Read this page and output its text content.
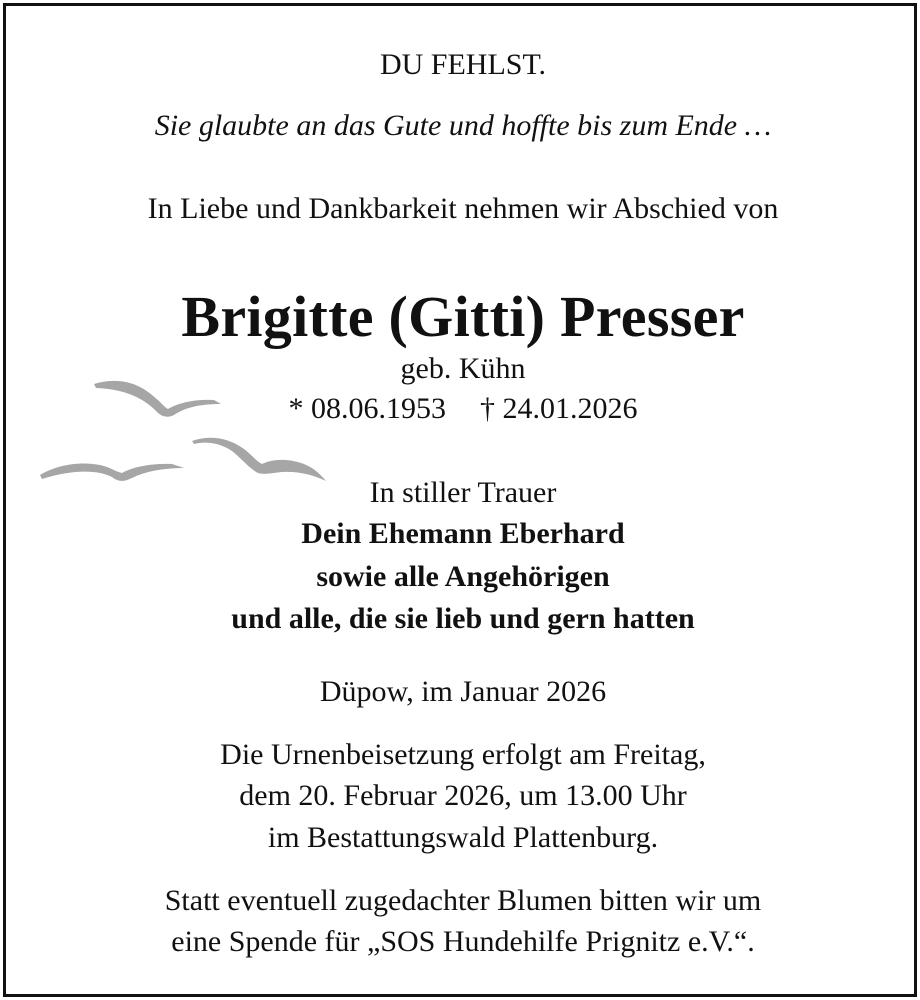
DU FEHLST.
Sie glaubte an das Gute und hoffte bis zum Ende …
In Liebe und Dankbarkeit nehmen wir Abschied von
Brigitte (Gitti) Presser
geb. Kühn
* 08.06.1953 † 24.01.2026
In stiller Trauer
Dein Ehemann Eberhard
sowie alle Angehörigen
und alle, die sie lieb und gern hatten
Düpow, im Januar 2026
Die Urnenbeisetzung erfolgt am Freitag,
dem 20. Februar 2026, um 13.00 Uhr
im Bestattungswald Plattenburg.
Statt eventuell zugedachter Blumen bitten wir um
eine Spende für „SOS Hundehilfe Prignitz e.V.“.
